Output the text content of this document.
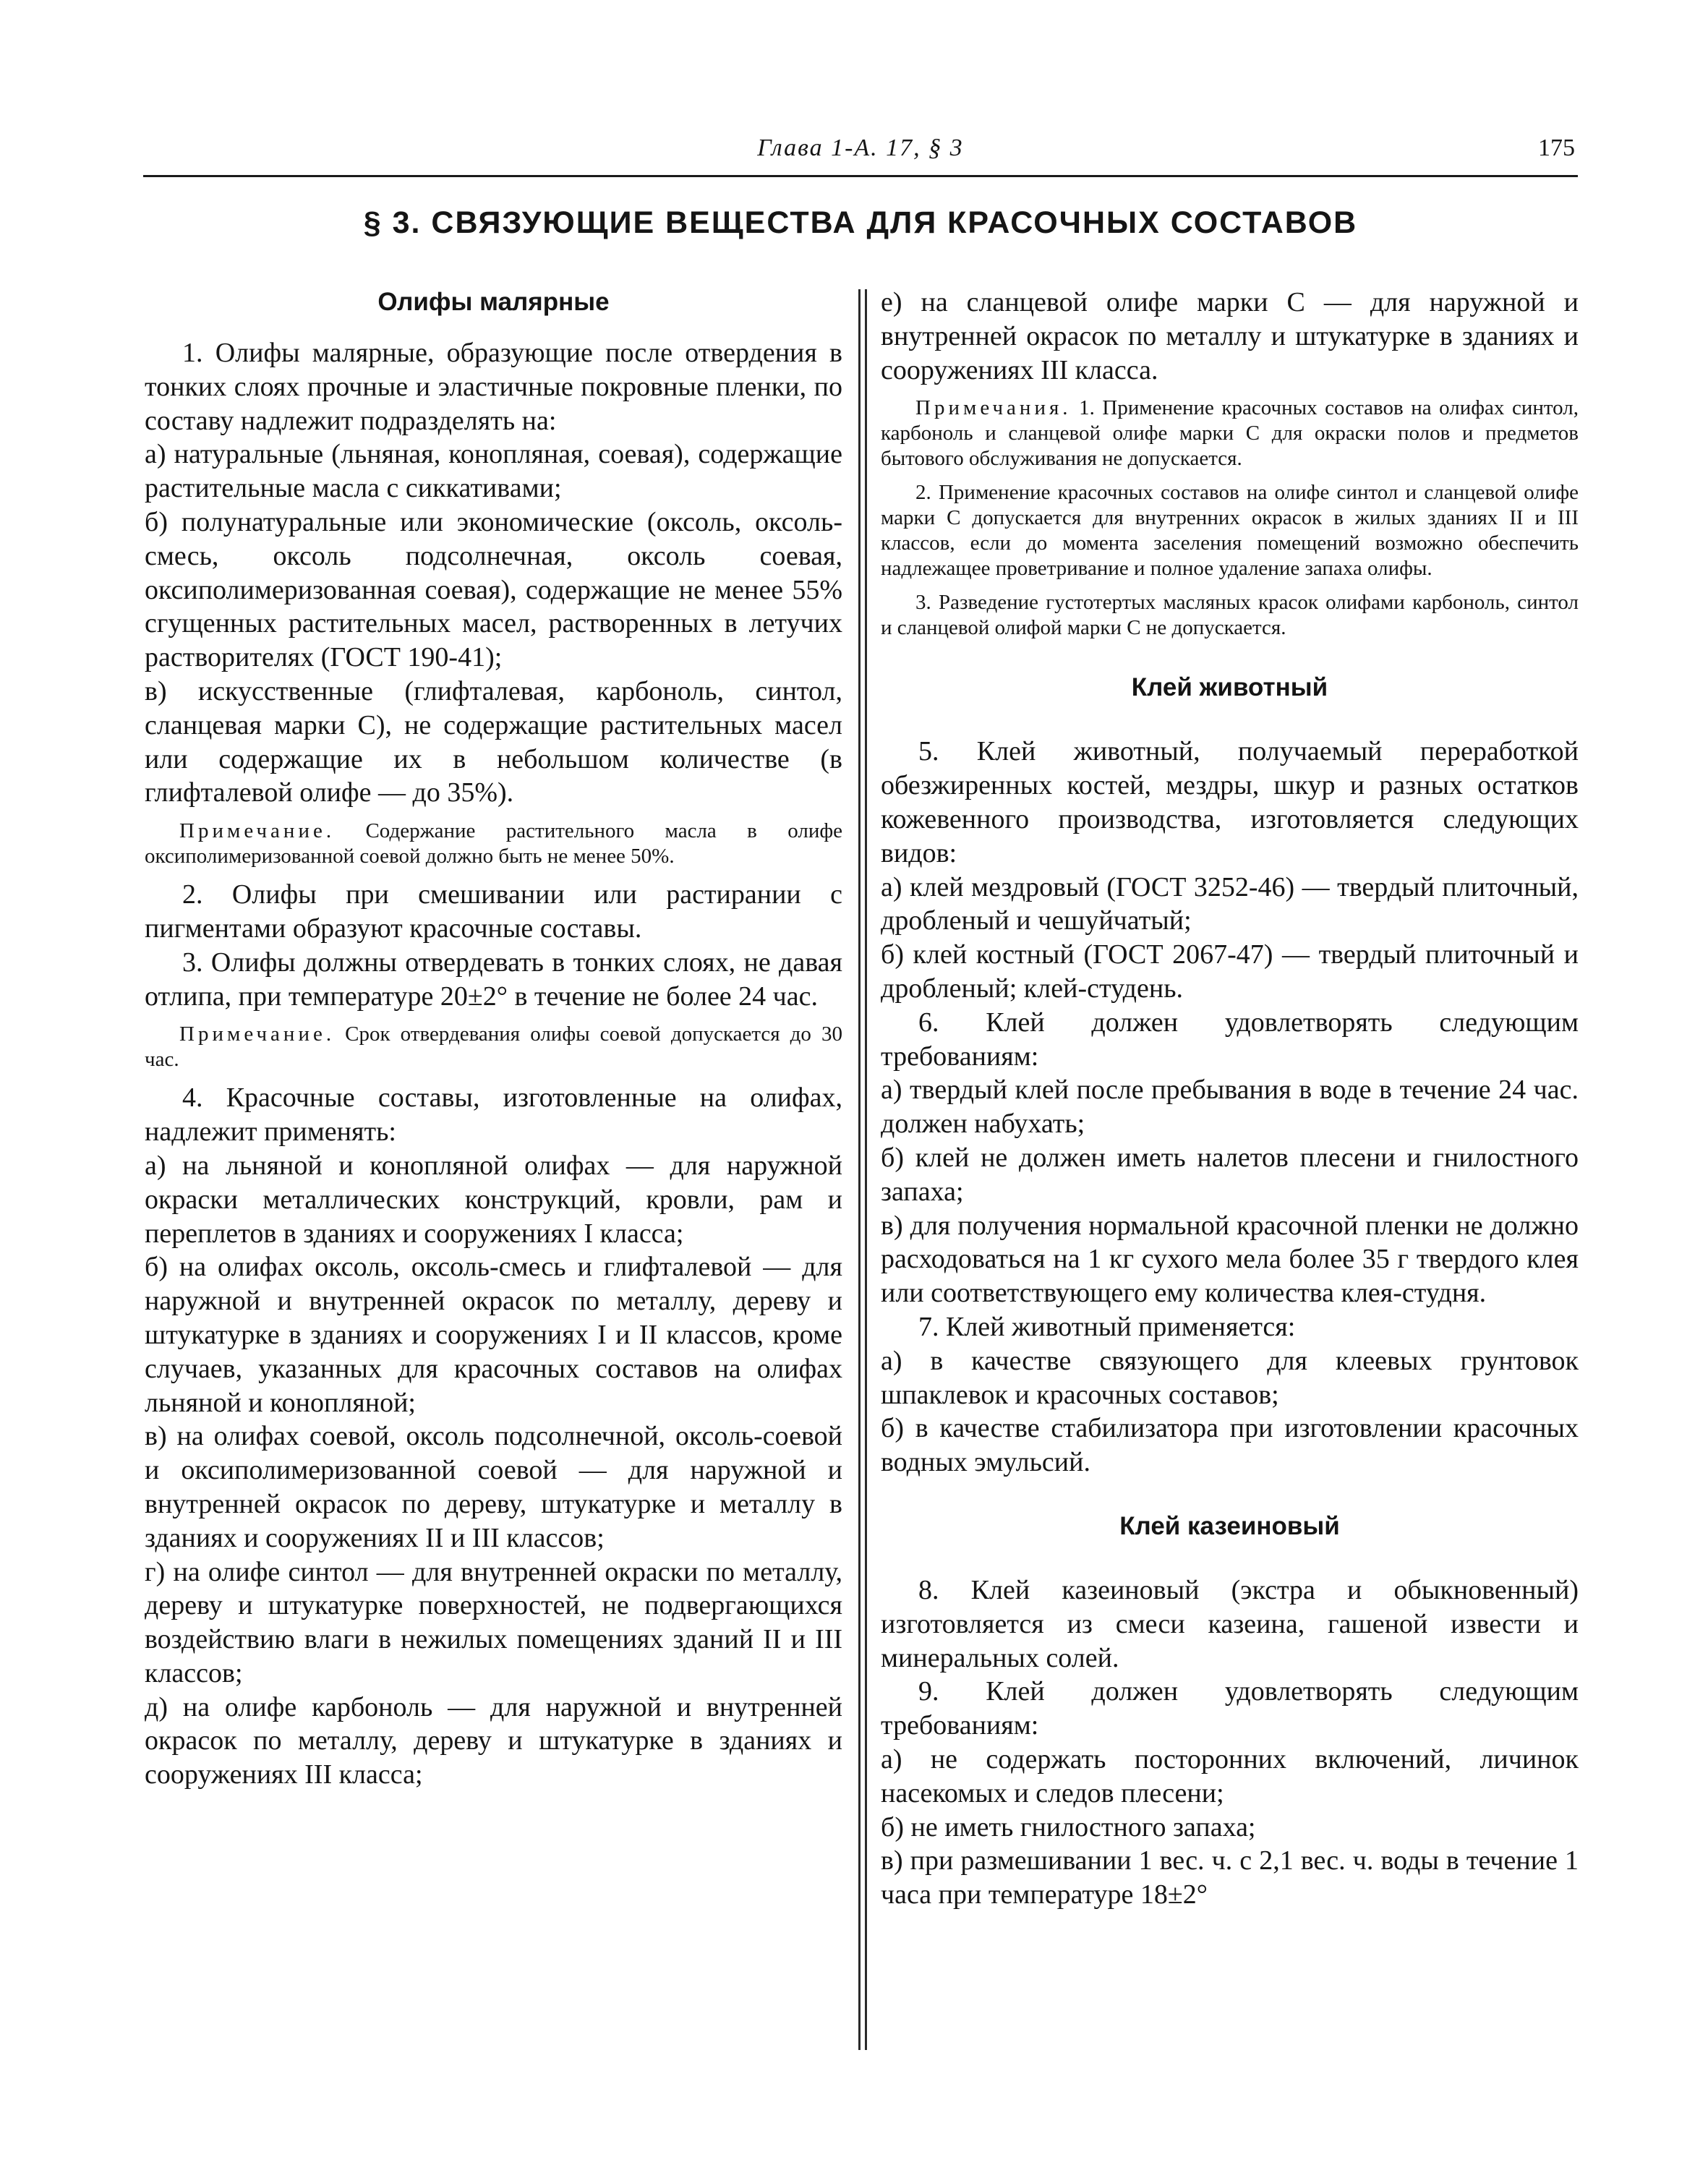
Глава 1-А. 17, § 3	175
§ 3. СВЯЗУЮЩИЕ ВЕЩЕСТВА ДЛЯ КРАСОЧНЫХ СОСТАВОВ
Олифы малярные

1. Олифы малярные, образующие после отвердения в тонких слоях прочные и эластичные покровные пленки, по составу надлежит подразделять на:

а) натуральные (льняная, конопляная, соевая), содержащие растительные масла с сиккативами;

б) полунатуральные или экономические (оксоль, оксоль-смесь, оксоль подсолнечная, оксоль соевая, оксиполимеризованная соевая), содержащие не менее 55% сгущенных растительных масел, растворенных в летучих растворителях (ГОСТ 190-41);

в) искусственные (глифталевая, карбоноль, синтол, сланцевая марки С), не содержащие растительных масел или содержащие их в небольшом количестве (в глифталевой олифе — до 35%).

Примечание. Содержание растительного масла в олифе оксиполимеризованной соевой должно быть не менее 50%.

2. Олифы при смешивании или растирании с пигментами образуют красочные составы.

3. Олифы должны отвердевать в тонких слоях, не давая отлипа, при температуре 20±2° в течение не более 24 час.

Примечание. Срок отвердевания олифы соевой допускается до 30 час.

4. Красочные составы, изготовленные на олифах, надлежит применять:

а) на льняной и конопляной олифах — для наружной окраски металлических конструкций, кровли, рам и переплетов в зданиях и сооружениях I класса;

б) на олифах оксоль, оксоль-смесь и глифталевой — для наружной и внутренней окрасок по металлу, дереву и штукатурке в зданиях и сооружениях I и II классов, кроме случаев, указанных для красочных составов на олифах льняной и конопляной;

в) на олифах соевой, оксоль подсолнечной, оксоль-соевой и оксиполимеризованной соевой — для наружной и внутренней окрасок по дереву, штукатурке и металлу в зданиях и сооружениях II и III классов;

г) на олифе синтол — для внутренней окраски по металлу, дереву и штукатурке поверхностей, не подвергающихся воздействию влаги в нежилых помещениях зданий II и III классов;

д) на олифе карбоноль — для наружной и внутренней окрасок по металлу, дереву и штукатурке в зданиях и сооружениях III класса;

е) на сланцевой олифе марки С — для наружной и внутренней окрасок по металлу и штукатурке в зданиях и сооружениях III класса.

Примечания. 1. Применение красочных составов на олифах синтол, карбоноль и сланцевой олифе марки С для окраски полов и предметов бытового обслуживания не допускается.

2. Применение красочных составов на олифе синтол и сланцевой олифе марки С допускается для внутренних окрасок в жилых зданиях II и III классов, если до момента заселения помещений возможно обеспечить надлежащее проветривание и полное удаление запаха олифы.

3. Разведение густотертых масляных красок олифами карбоноль, синтол и сланцевой олифой марки С не допускается.

Клей животный

5. Клей животный, получаемый переработкой обезжиренных костей, мездры, шкур и разных остатков кожевенного производства, изготовляется следующих видов:

а) клей мездровый (ГОСТ 3252-46) — твердый плиточный, дробленый и чешуйчатый;

б) клей костный (ГОСТ 2067-47) — твердый плиточный и дробленый; клей-студень.

6. Клей должен удовлетворять следующим требованиям:

а) твердый клей после пребывания в воде в течение 24 час. должен набухать;

б) клей не должен иметь налетов плесени и гнилостного запаха;

в) для получения нормальной красочной пленки не должно расходоваться на 1 кг сухого мела более 35 г твердого клея или соответствующего ему количества клея-студня.

7. Клей животный применяется:

а) в качестве связующего для клеевых грунтовок шпаклевок и красочных составов;

б) в качестве стабилизатора при изготовлении красочных водных эмульсий.

Клей казеиновый

8. Клей казеиновый (экстра и обыкновенный) изготовляется из смеси казеина, гашеной извести и минеральных солей.

9. Клей должен удовлетворять следующим требованиям:

а) не содержать посторонних включений, личинок насекомых и следов плесени;

б) не иметь гнилостного запаха;

в) при размешивании 1 вес. ч. с 2,1 вес. ч. воды в течение 1 часа при температуре 18±2°
